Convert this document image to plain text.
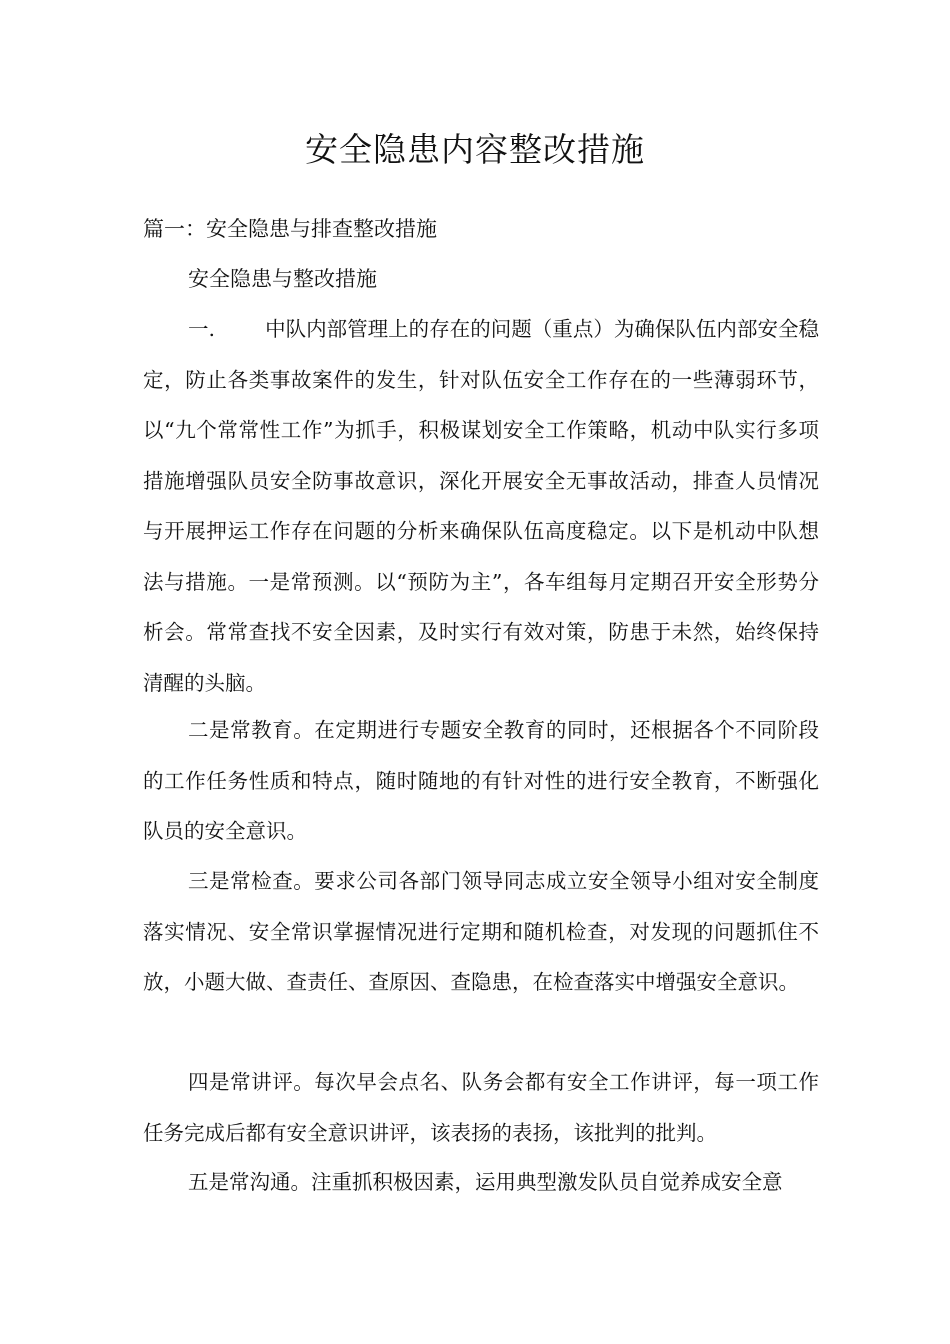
安全隐患内容整改措施
篇一：安全隐患与排查整改措施
安全隐患与整改措施

一. 中队内部管理上的存在的问题（重点）为确保队伍内部安全稳定，防止各类事故案件的发生，针对队伍安全工作存在的一些薄弱环节，以“九个常常性工作”为抓手，积极谋划安全工作策略，机动中队实行多项措施增强队员安全防事故意识，深化开展安全无事故活动，排查人员情况与开展押运工作存在问题的分析来确保队伍高度稳定。以下是机动中队想法与措施。一是常预测。以“预防为主”，各车组每月定期召开安全形势分析会。常常查找不安全因素，及时实行有效对策，防患于未然，始终保持清醒的头脑。

二是常教育。在定期进行专题安全教育的同时，还根据各个不同阶段的工作任务性质和特点，随时随地的有针对性的进行安全教育，不断强化队员的安全意识。

三是常检查。要求公司各部门领导同志成立安全领导小组对安全制度落实情况、安全常识掌握情况进行定期和随机检查，对发现的问题抓住不放，小题大做、查责任、查原因、查隐患，在检查落实中增强安全意识。

四是常讲评。每次早会点名、队务会都有安全工作讲评，每一项工作任务完成后都有安全意识讲评，该表扬的表扬，该批判的批判。

五是常沟通。注重抓积极因素，运用典型激发队员自觉养成安全意
